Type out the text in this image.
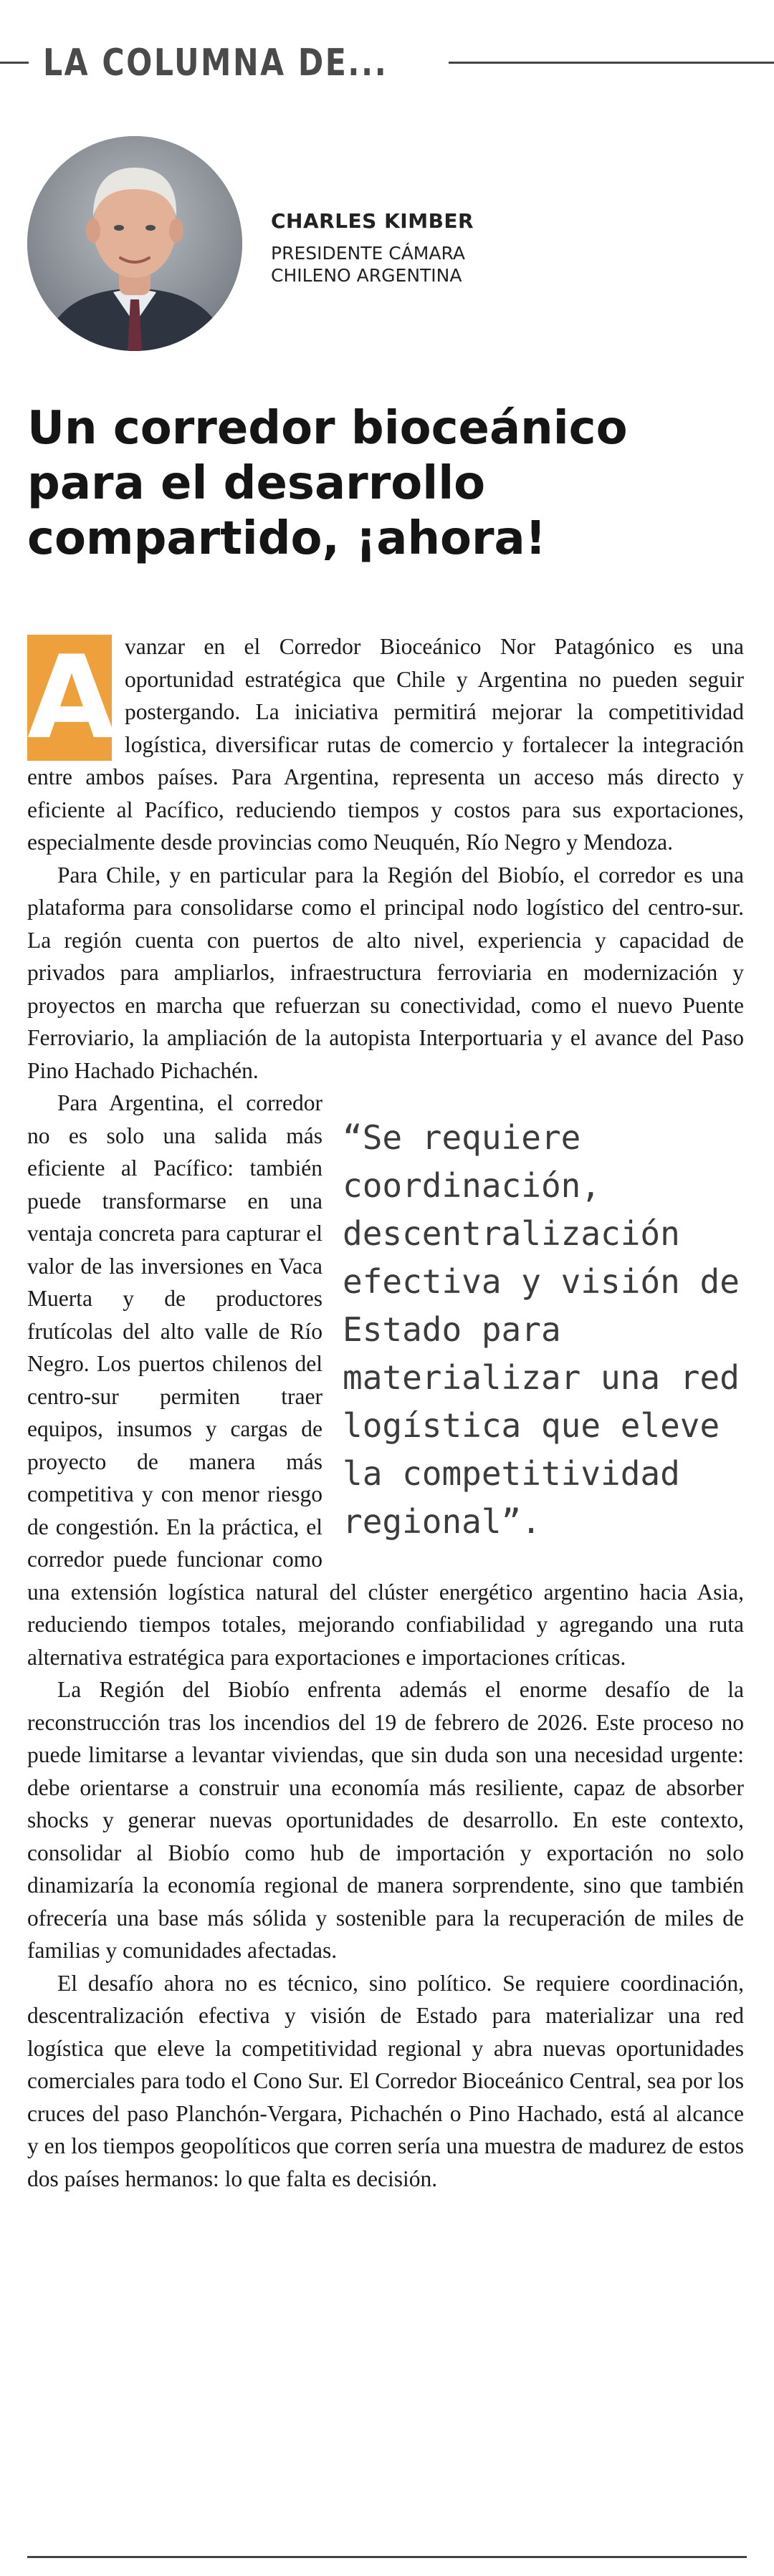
LA COLUMNA DE...
CHARLES KIMBER
PRESIDENTE CÁMARA CHILENO ARGENTINA
Un corredor bioceánico para el desarrollo compartido, ¡ahora!

A vanzar en el Corredor Bioceánico Nor Patagónico es una oportunidad estratégica que Chile y Argentina no pueden seguir postergando. La iniciativa permitirá mejorar la competitividad logística, diversificar rutas de comercio y fortalecer la integración entre ambos países. Para Argentina, representa un acceso más directo y eficiente al Pacífico, reduciendo tiempos y costos para sus exportaciones, especialmente desde provincias como Neuquén, Río Negro y Mendoza.

Para Chile, y en particular para la Región del Biobío, el corredor es una plataforma para consolidarse como el principal nodo logístico del centro-sur. La región cuenta con puertos de alto nivel, experiencia y capacidad de privados para ampliarlos, infraestructura ferroviaria en modernización y proyectos en marcha que refuerzan su conectividad, como el nuevo Puente Ferroviario, la ampliación de la autopista Interportuaria y el avance del Paso Pino Hachado Pichachén.

“Se requiere coordinación, descentralización efectiva y visión de Estado para materializar una red logística que eleve la competitividad regional”.
Para Argentina, el corredor no es solo una salida más eficiente al Pacífico: también puede transformarse en una ventaja concreta para capturar el valor de las inversiones en Vaca Muerta y de productores frutícolas del alto valle de Río Negro. Los puertos chilenos del centro-sur permiten traer equipos, insumos y cargas de proyecto de manera más competitiva y con menor riesgo de congestión. En la práctica, el corredor puede funcionar como una extensión logística natural del clúster energético argentino hacia Asia, reduciendo tiempos totales, mejorando confiabilidad y agregando una ruta alternativa estratégica para exportaciones e importaciones críticas.

La Región del Biobío enfrenta además el enorme desafío de la reconstrucción tras los incendios del 19 de febrero de 2026. Este proceso no puede limitarse a levantar viviendas, que sin duda son una necesidad urgente: debe orientarse a construir una economía más resiliente, capaz de absorber shocks y generar nuevas oportunidades de desarrollo. En este contexto, consolidar al Biobío como hub de importación y exportación no solo dinamizaría la economía regional de manera sorprendente, sino que también ofrecería una base más sólida y sostenible para la recuperación de miles de familias y comunidades afectadas.

El desafío ahora no es técnico, sino político. Se requiere coordinación, descentralización efectiva y visión de Estado para materializar una red logística que eleve la competitividad regional y abra nuevas oportunidades comerciales para todo el Cono Sur. El Corredor Bioceánico Central, sea por los cruces del paso Planchón-Vergara, Pichachén o Pino Hachado, está al alcance y en los tiempos geopolíticos que corren sería una muestra de madurez de estos dos países hermanos: lo que falta es decisión.
